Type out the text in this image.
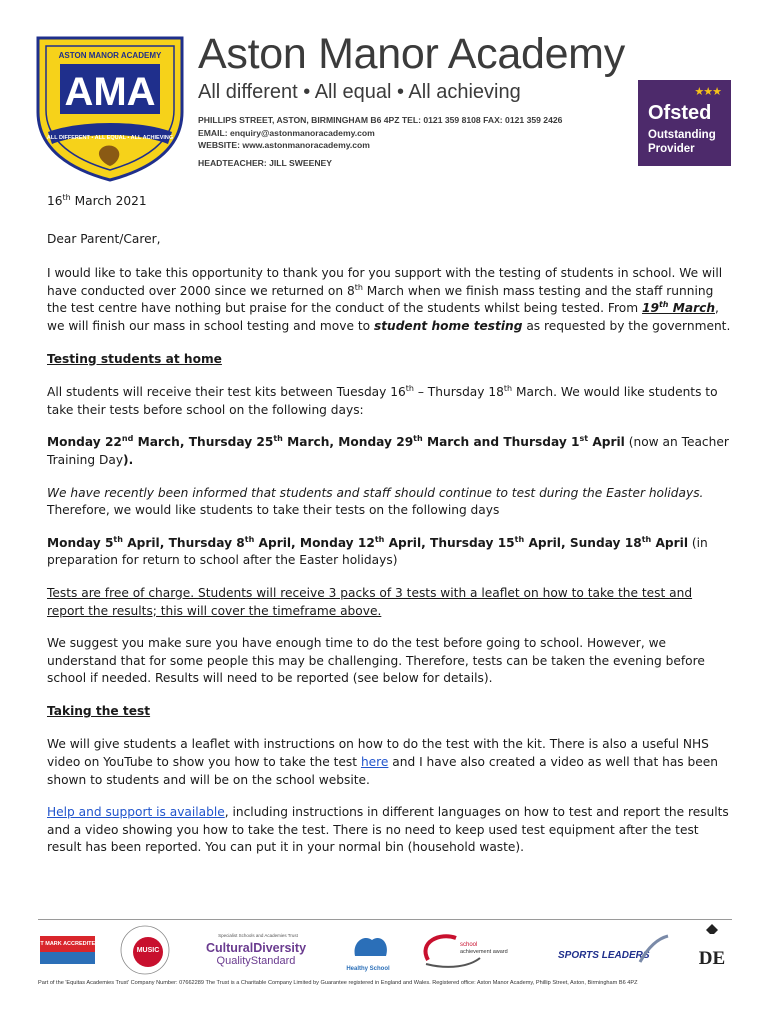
ASTON MANOR ACADEMY
AMA
ALL DIFFERENT • ALL EQUAL • ALL ACHIEVING
Aston Manor Academy
All different • All equal • All achieving
PHILLIPS STREET, ASTON, BIRMINGHAM B6 4PZ TEL: 0121 359 8108 FAX: 0121 359 2426
EMAIL: enquiry@astonmanoracademy.com
WEBSITE: www.astonmanoracademy.com
HEADTEACHER: JILL SWEENEY
★★★
Ofsted
Outstanding
Provider

16th March 2021

Dear Parent/Carer,

I would like to take this opportunity to thank you for you support with the testing of students in school. We will have conducted over 2000 since we returned on 8th March when we finish mass testing and the staff running the test centre have nothing but praise for the conduct of the students whilst being tested. From 19th March, we will finish our mass in school testing and move to student home testing as requested by the government.

Testing students at home

All students will receive their test kits between Tuesday 16th – Thursday 18th March. We would like students to take their tests before school on the following days:

Monday 22nd March, Thursday 25th March, Monday 29th March and Thursday 1st April (now an Teacher Training Day).

We have recently been informed that students and staff should continue to test during the Easter holidays. Therefore, we would like students to take their tests on the following days

Monday 5th April, Thursday 8th April, Monday 12th April, Thursday 15th April, Sunday 18th April (in preparation for return to school after the Easter holidays)

Tests are free of charge. Students will receive 3 packs of 3 tests with a leaflet on how to take the test and report the results; this will cover the timeframe above.

We suggest you make sure you have enough time to do the test before going to school. However, we understand that for some people this may be challenging. Therefore, tests can be taken the evening before school if needed. Results will need to be reported (see below for details).

Taking the test

We will give students a leaflet with instructions on how to do the test with the kit. There is also a useful NHS video on YouTube to show you how to take the test here and I have also created a video as well that has been shown to students and will be on the school website.

Help and support is available, including instructions in different languages on how to test and report the results and a video showing you how to take the test. There is no need to keep used test equipment after the test result has been reported. You can put it in your normal bin (household waste).

ICT MARK ACCREDITED
MUSIC
Specialist Schools and Academies Trust
CulturalDiversity
QualityStandard
Healthy School
school
achievement award	SPORTS LEADERS	DE
Part of the 'Equitas Academies Trust' Company Number: 07662289 The Trust is a Charitable Company Limited by Guarantee registered in England and Wales. Registered office: Aston Manor Academy, Phillip Street, Aston, Birmingham B6 4PZ
